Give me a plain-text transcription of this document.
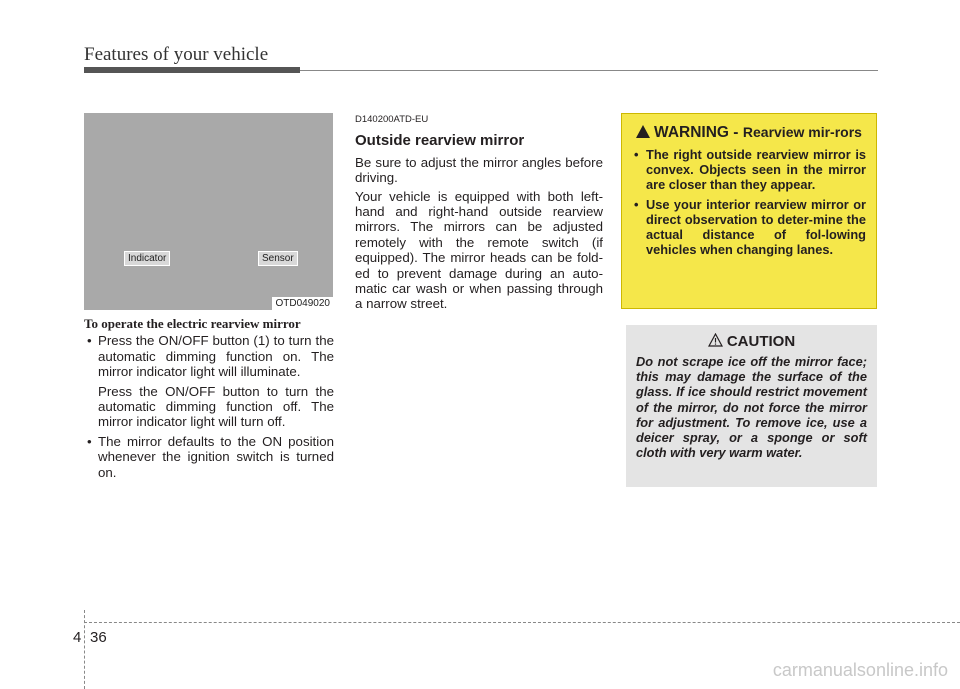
Features of your vehicle
Indicator	Sensor
OTD049020
To operate the electric rearview mirror
• Press the ON/OFF button (1) to turn the automatic dimming function on. The mirror indicator light will illuminate.
Press the ON/OFF button to turn the automatic dimming function off. The mirror indicator light will turn off.
• The mirror defaults to the ON position whenever the ignition switch is turned on.
D140200ATD-EU
Outside rearview mirror

Be sure to adjust the mirror angles before driving.

Your vehicle is equipped with both left-hand and right-hand outside rearview mirrors. The mirrors can be adjusted remotely with the remote switch (if equipped). The mirror heads can be fold-ed to prevent damage during an auto-matic car wash or when passing through a narrow street.

WARNING - Rearview mir-rors
• The right outside rearview mirror is convex. Objects seen in the mirror are closer than they appear.
• Use your interior rearview mirror or direct observation to deter-mine the actual distance of fol-lowing vehicles when changing lanes.
CAUTION

Do not scrape ice off the mirror face; this may damage the surface of the glass. If ice should restrict movement of the mirror, do not force the mirror for adjustment. To remove ice, use a deicer spray, or a sponge or soft cloth with very warm water.

4 36
carmanualsonline.info
